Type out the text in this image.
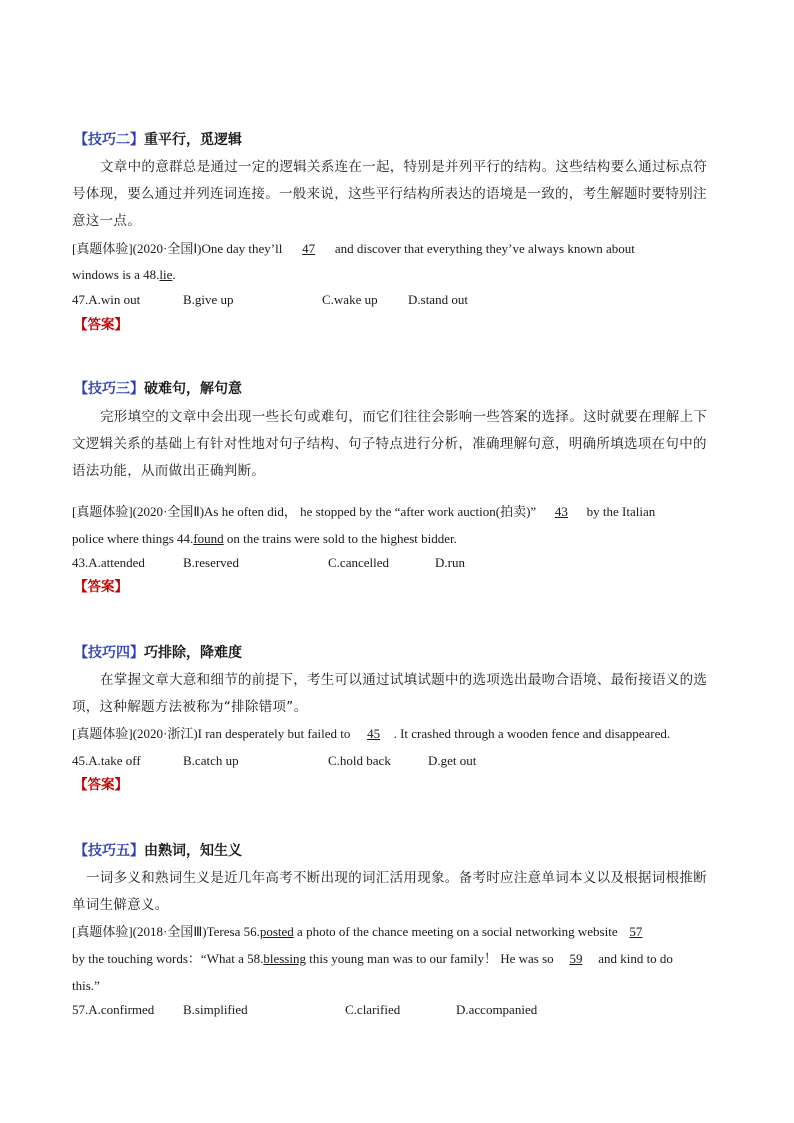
【技巧二】重平行，觅逻辑
文章中的意群总是通过一定的逻辑关系连在一起，特别是并列平行的结构。这些结构要么通过标点符
号体现，要么通过并列连词连接。一般来说，这些平行结构所表达的语境是一致的，考生解题时要特别注
意这一点。
[真题体验](2020·全国Ⅰ)One day they’ll 47 and discover that everything they’ve always known about
windows is a 48.lie.
47.A.win out	B.give up	C.wake up D.stand out
【答案】
【技巧三】破难句，解句意
完形填空的文章中会出现一些长句或难句，而它们往往会影响一些答案的选择。这时就要在理解上下
文逻辑关系的基础上有针对性地对句子结构、句子特点进行分析，准确理解句意，明确所填选项在句中的
语法功能，从而做出正确判断。
[真题体验](2020·全国Ⅱ)As he often did， he stopped by the “after work auction(拍卖)” 43 by the Italian
police where things 44.found on the trains were sold to the highest bidder.
43.A.attended	B.reserved	C.cancelled	D.run
【答案】
【技巧四】巧排除，降难度
在掌握文章大意和细节的前提下，考生可以通过试填试题中的选项选出最吻合语境、最衔接语义的选
项，这种解题方法被称为“排除错项”。
[真题体验](2020·浙江)I ran desperately but failed to 45 . It crashed through a wooden fence and disappeared.
45.A.take off	B.catch up	C.hold back	D.get out
【答案】
【技巧五】由熟词，知生义
一词多义和熟词生义是近几年高考不断出现的词汇活用现象。备考时应注意单词本义以及根据词根推断
单词生僻意义。
[真题体验](2018·全国Ⅲ)Teresa 56.posted a photo of the chance meeting on a social networking website 57
by the touching words：“What a 58.blessing this young man was to our family！ He was so 59 and kind to do
this.”
57.A.confirmed B.simplified	C.clarified	D.accompanied
